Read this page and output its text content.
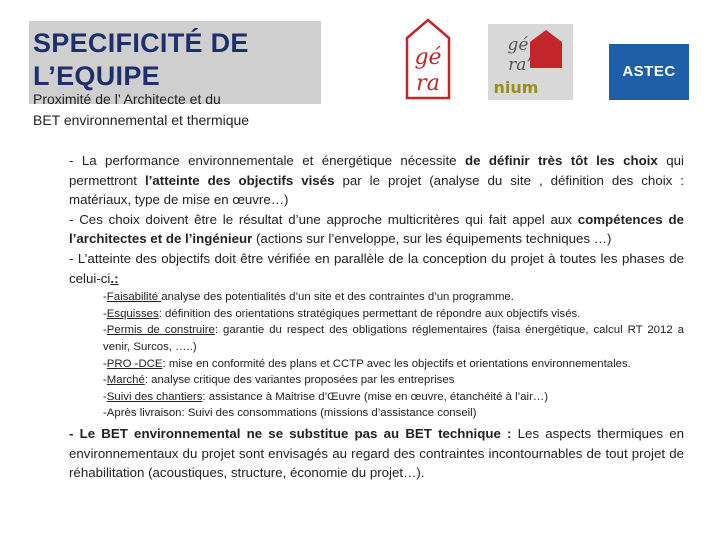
SPECIFICITÉ DE
L’EQUIPE
Proximité de l’ Architecte et du
BET environnemental et thermique
gé
ra
gé
ra’
nium
ASTEC

- La performance environnementale et énergétique nécessite de définir très tôt les choix qui permettront l’atteinte des objectifs visés par le projet (analyse du site , définition des choix : matériaux, type de mise en œuvre…)

- Ces choix doivent être le résultat d’une approche multicritères qui fait appel aux compétences de l’architectes et de l’ingénieur (actions sur l’enveloppe, sur les équipements techniques …)

- L’atteinte des objectifs doit être vérifiée en parallèle de la conception du projet à toutes les phases de celui-ci.:

-Faisabilité analyse des potentialités d’un site et des contraintes d’un programme.
-Esquisses: définition des orientations stratégiques permettant de répondre aux objectifs visés.
-Permis de construire: garantie du respect des obligations réglementaires (faisa énergétique, calcul RT 2012 a venir, Surcos, …..)
-PRO -DCE: mise en conformité des plans et CCTP avec les objectifs et orientations environnementales.
-Marché: analyse critique des variantes proposées par les entreprises
-Suivi des chantiers: assistance à Maitrise d’Œuvre (mise en œuvre, étanchéité à l’air…)
-Après livraison: Suivi des consommations (missions d’assistance conseil)

- Le BET environnemental ne se substitue pas au BET technique : Les aspects thermiques en environnementaux du projet sont envisagés au regard des contraintes incontournables de tout projet de réhabilitation (acoustiques, structure, économie du projet…).
